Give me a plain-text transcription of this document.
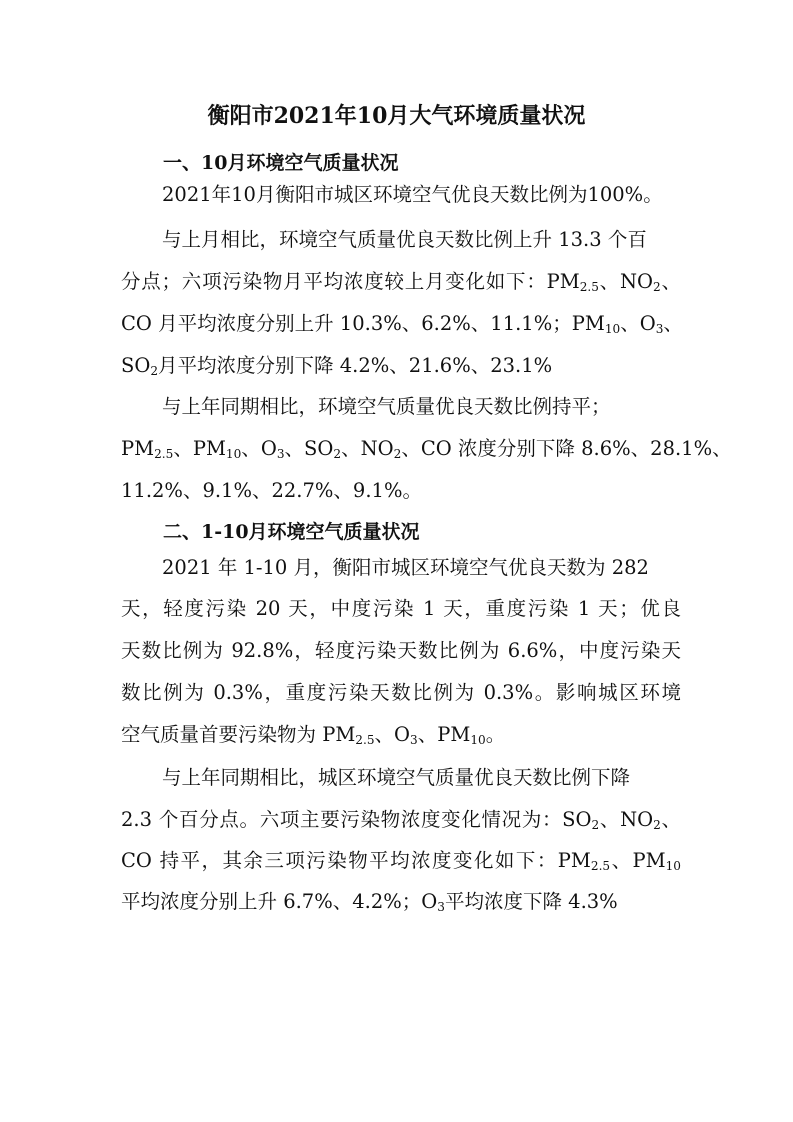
衡阳市2021年10月大气环境质量状况
一、10月环境空气质量状况
2021年10月衡阳市城区环境空气优良天数比例为100%。
与上月相比，环境空气质量优良天数比例上升 13.3 个百
分点；六项污染物月平均浓度较上月变化如下：$PM_{2.5}$、$NO_2$、
CO 月平均浓度分别上升 10.3%、6.2%、11.1%；$PM_{10}$、$O_3$、
$SO_2$月平均浓度分别下降 4.2%、21.6%、23.1%
与上年同期相比，环境空气质量优良天数比例持平；
$PM_{2.5}$、$PM_{10}$、$O_3$、$SO_2$、$NO_2$、CO 浓度分别下降 8.6%、28.1%、
11.2%、9.1%、22.7%、9.1%。
二、1-10月环境空气质量状况
2021 年 1-10 月，衡阳市城区环境空气优良天数为 282
天，轻度污染 20 天，中度污染 1 天，重度污染 1 天；优良
天数比例为 92.8%，轻度污染天数比例为 6.6%，中度污染天
数比例为 0.3%，重度污染天数比例为 0.3%。影响城区环境
空气质量首要污染物为 $PM_{2.5}$、$O_3$、$PM_{10}$。
与上年同期相比，城区环境空气质量优良天数比例下降
2.3 个百分点。六项主要污染物浓度变化情况为：$SO_2$、$NO_2$、
CO 持平，其余三项污染物平均浓度变化如下：$PM_{2.5}$、$PM_{10}$
平均浓度分别上升 6.7%、4.2%；$O_3$平均浓度下降 4.3%
